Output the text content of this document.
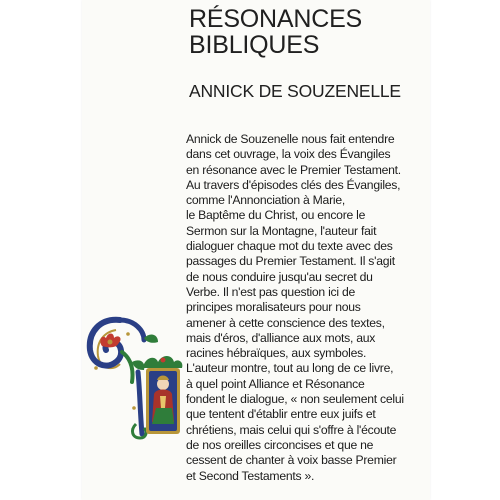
RÉSONANCES
BIBLIQUES
ANNICK DE SOUZENELLE
Annick de Souzenelle nous fait entendre
dans cet ouvrage, la voix des Évangiles
en résonance avec le Premier Testament.
Au travers d'épisodes clés des Évangiles,
comme l'Annonciation à Marie,
le Baptême du Christ, ou encore le
Sermon sur la Montagne, l'auteur fait
dialoguer chaque mot du texte avec des
passages du Premier Testament. Il s'agit
de nous conduire jusqu'au secret du
Verbe. Il n'est pas question ici de
principes moralisateurs pour nous
amener à cette conscience des textes,
mais d'éros, d'alliance aux mots, aux
racines hébraïques, aux symboles.
L'auteur montre, tout au long de ce livre,
à quel point Alliance et Résonance
fondent le dialogue, « non seulement celui
que tentent d'établir entre eux juifs et
chrétiens, mais celui qui s'offre à l'écoute
de nos oreilles circoncises et que ne
cessent de chanter à voix basse Premier
et Second Testaments ».
